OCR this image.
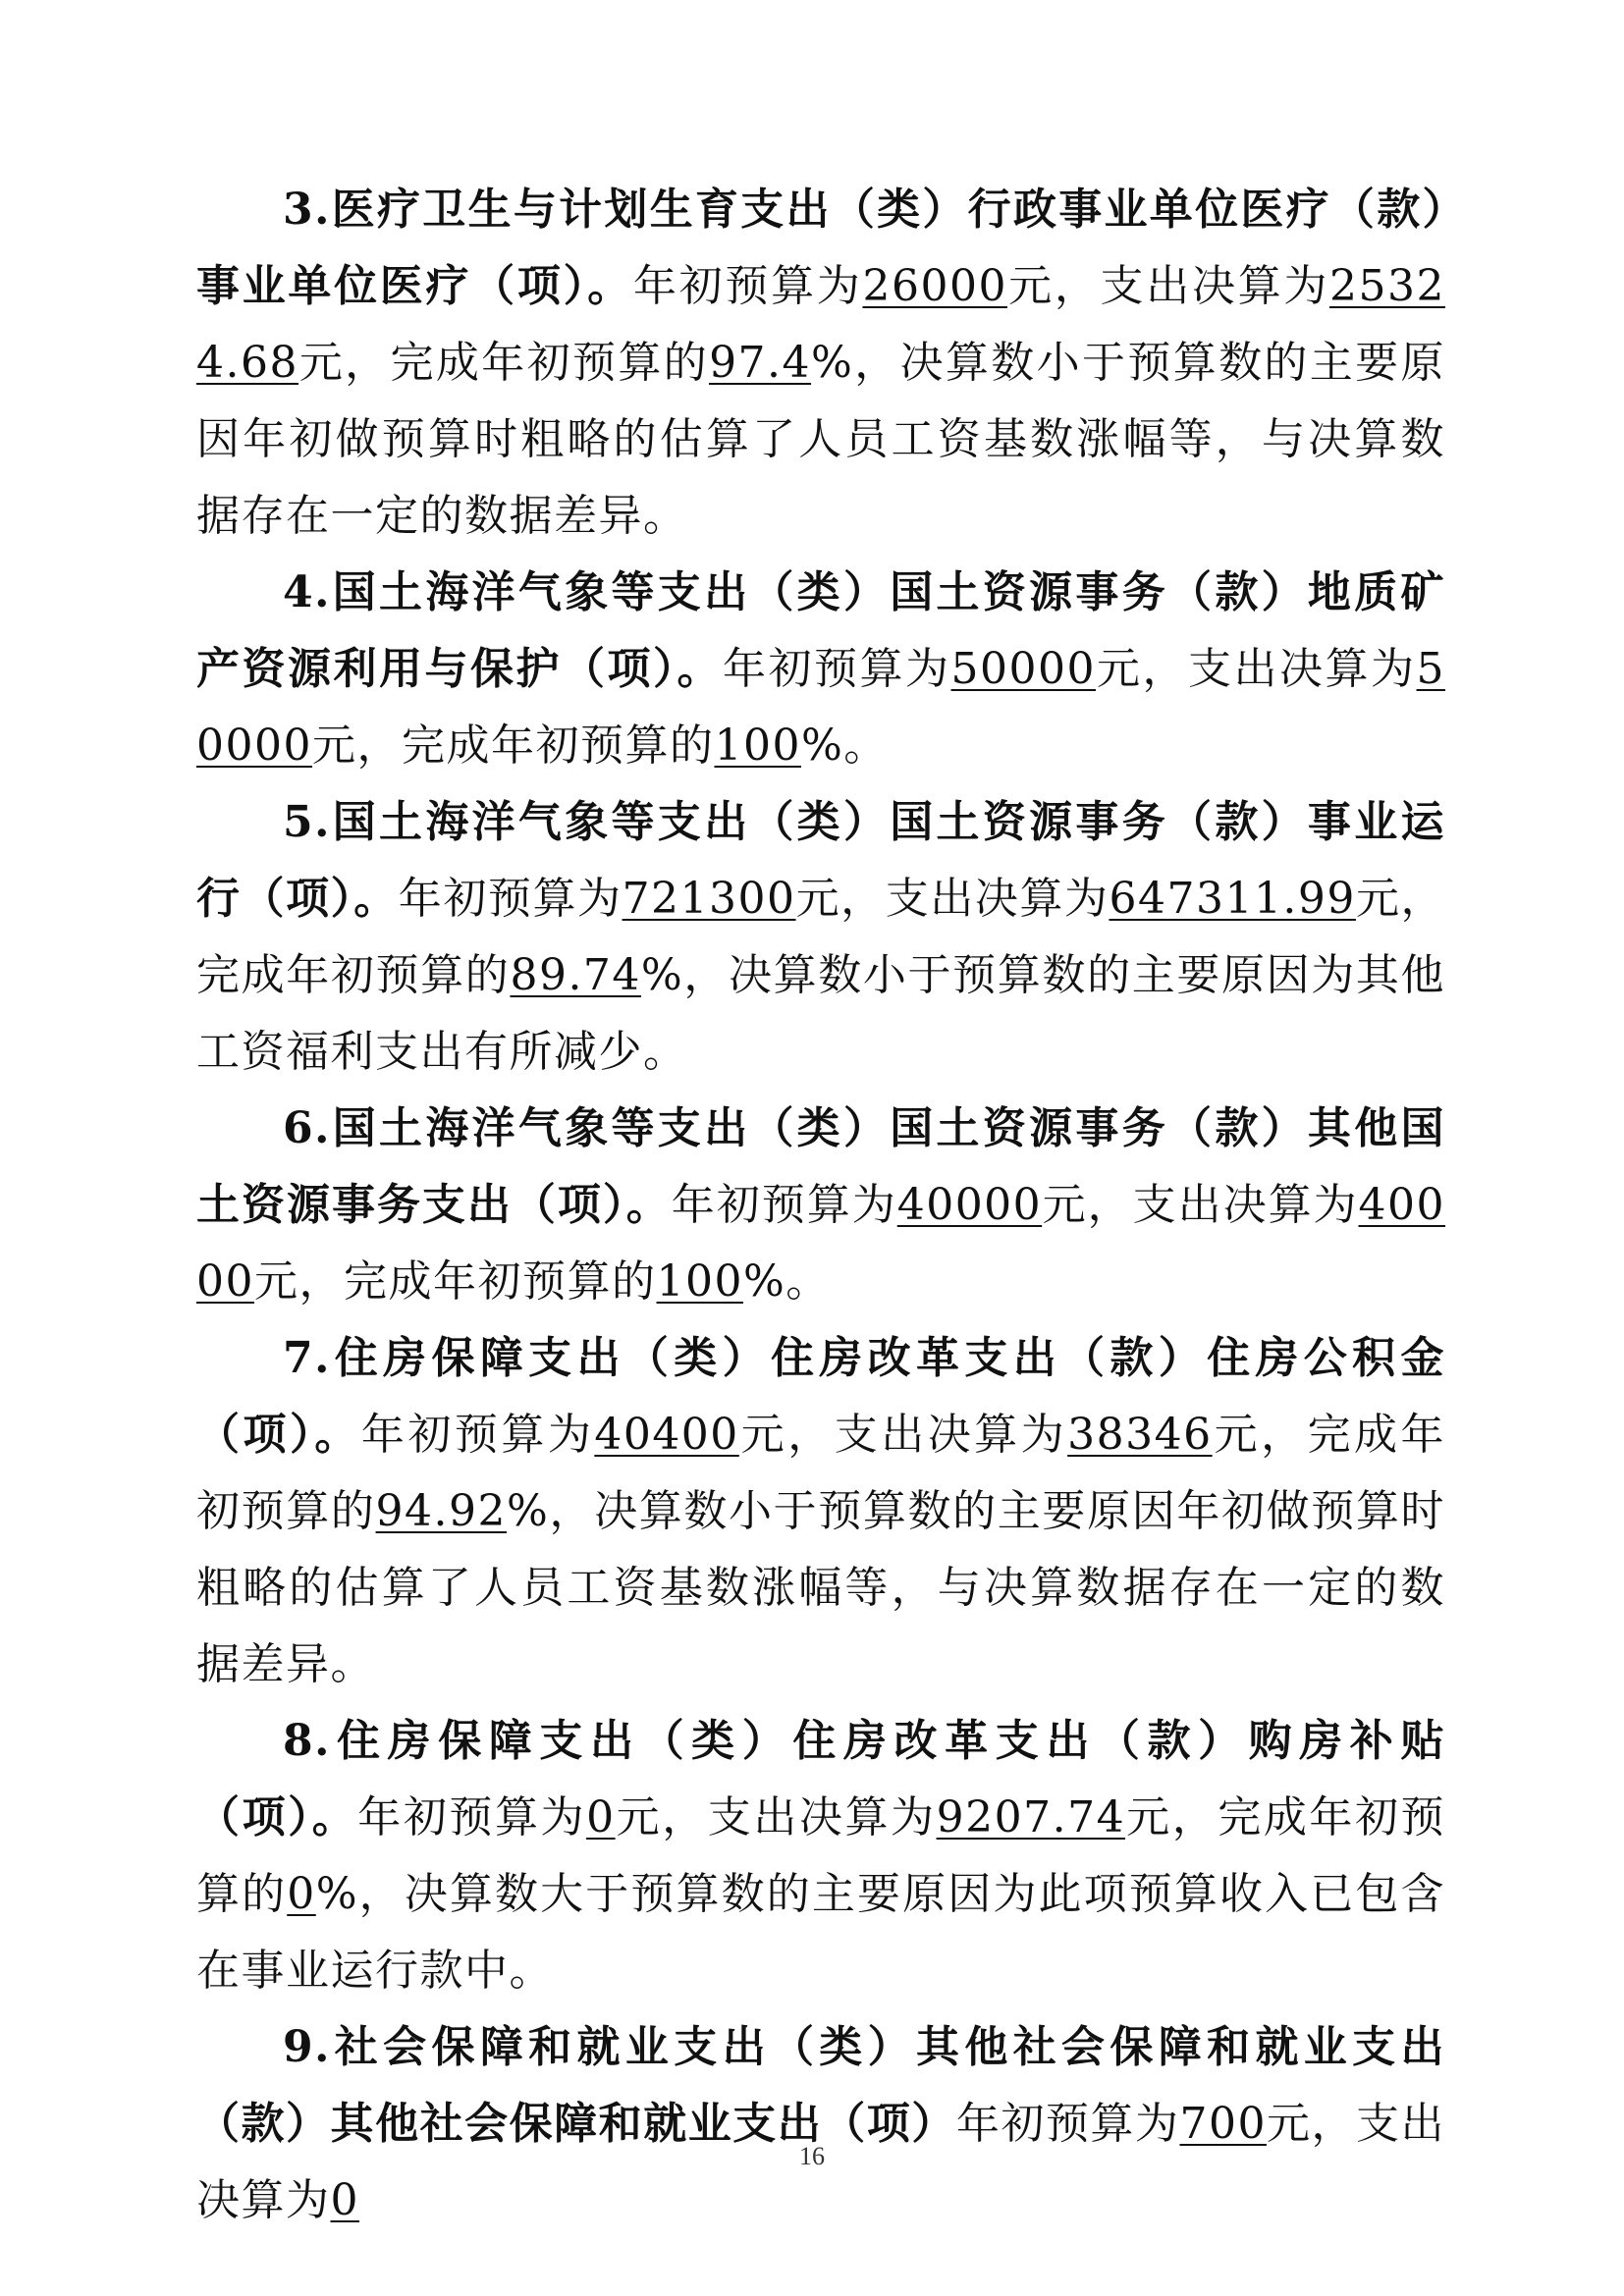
3.医疗卫生与计划生育支出（类）行政事业单位医疗（款）事业单位医疗（项）。年初预算为26000元，支出决算为25324.68元，完成年初预算的97.4%，决算数小于预算数的主要原因年初做预算时粗略的估算了人员工资基数涨幅等，与决算数据存在一定的数据差异。

4.国土海洋气象等支出（类）国土资源事务（款）地质矿产资源利用与保护（项）。年初预算为50000元，支出决算为50000元，完成年初预算的100%。

5.国土海洋气象等支出（类）国土资源事务（款）事业运行（项）。年初预算为721300元，支出决算为647311.99元，完成年初预算的89.74%，决算数小于预算数的主要原因为其他工资福利支出有所减少。

6.国土海洋气象等支出（类）国土资源事务（款）其他国土资源事务支出（项）。年初预算为40000元，支出决算为40000元，完成年初预算的100%。

7.住房保障支出（类）住房改革支出（款）住房公积金（项）。年初预算为40400元，支出决算为38346元，完成年初预算的94.92%，决算数小于预算数的主要原因年初做预算时粗略的估算了人员工资基数涨幅等，与决算数据存在一定的数据差异。

8.住房保障支出（类）住房改革支出（款）购房补贴（项）。年初预算为0元，支出决算为9207.74元，完成年初预算的0%，决算数大于预算数的主要原因为此项预算收入已包含在事业运行款中。

9.社会保障和就业支出（类）其他社会保障和就业支出（款）其他社会保障和就业支出（项）年初预算为700元，支出决算为0

16
